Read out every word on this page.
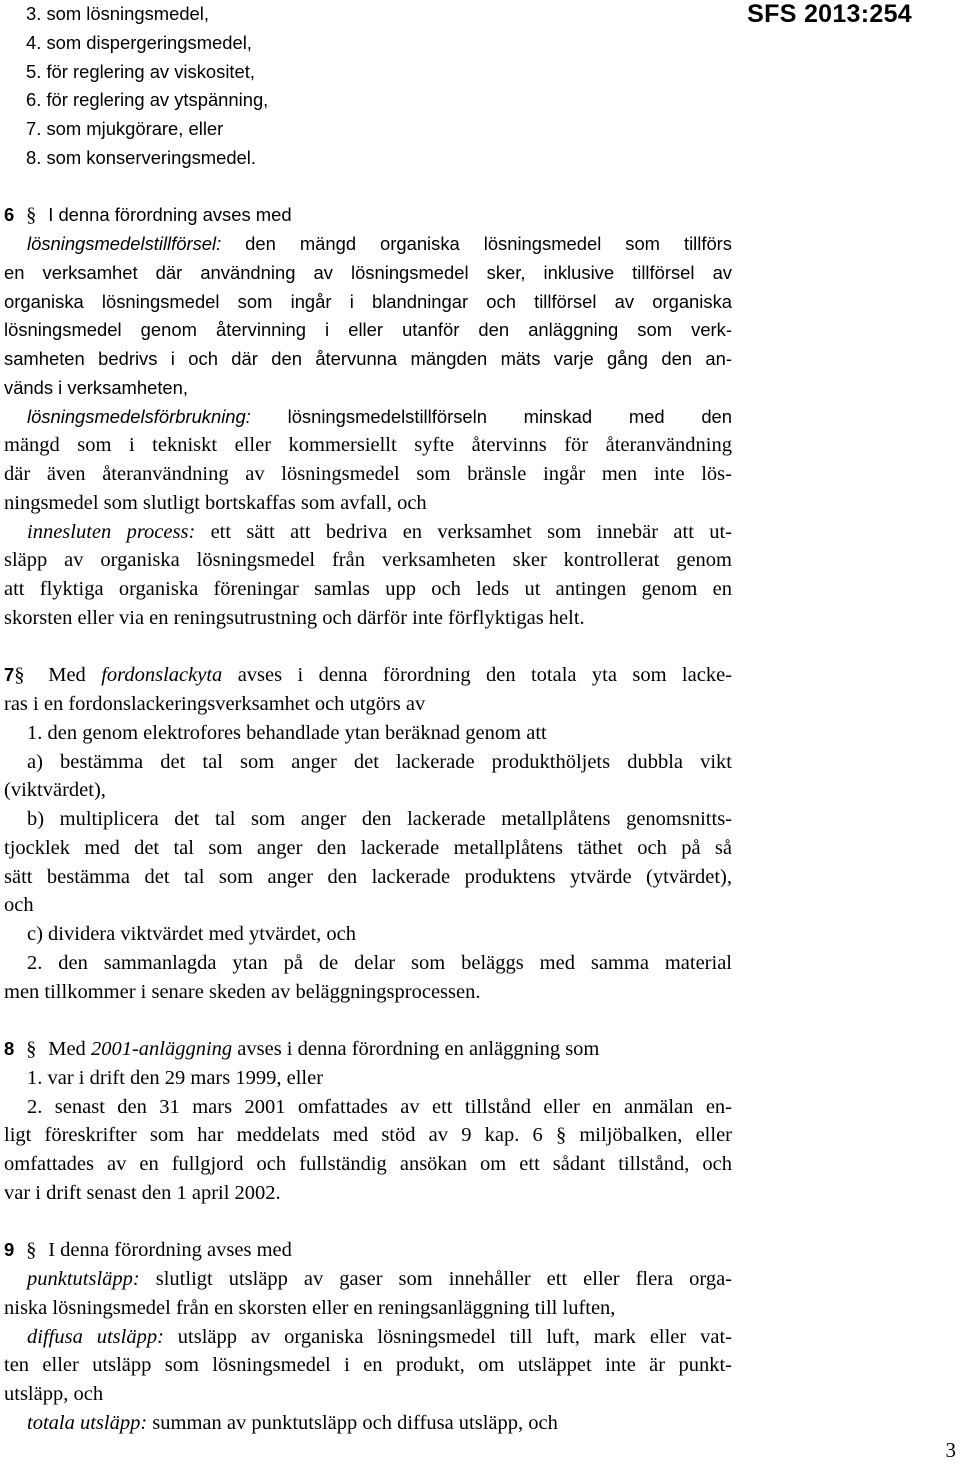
SFS 2013:254
3. som lösningsmedel,
4. som dispergeringsmedel,
5. för reglering av viskositet,
6. för reglering av ytspänning,
7. som mjukgörare, eller
8. som konserveringsmedel.
6 § I denna förordning avses med
lösningsmedelstillförsel: den mängd organiska lösningsmedel som tillförs
en verksamhet där användning av lösningsmedel sker, inklusive tillförsel av
organiska lösningsmedel som ingår i blandningar och tillförsel av organiska
lösningsmedel genom återvinning i eller utanför den anläggning som verk-
samheten bedrivs i och där den återvunna mängden mäts varje gång den an-
vänds i verksamheten,
lösningsmedelsförbrukning: lösningsmedelstillförseln minskad med den
mängd som i tekniskt eller kommersiellt syfte återvinns för återanvändning
där även återanvändning av lösningsmedel som bränsle ingår men inte lös-
ningsmedel som slutligt bortskaffas som avfall, och
innesluten process: ett sätt att bedriva en verksamhet som innebär att ut-
släpp av organiska lösningsmedel från verksamheten sker kontrollerat genom
att flyktiga organiska föreningar samlas upp och leds ut antingen genom en
skorsten eller via en reningsutrustning och därför inte förflyktigas helt.
7§ Med fordonslackyta avses i denna förordning den totala yta som lacke-
ras i en fordonslackeringsverksamhet och utgörs av
1. den genom elektrofores behandlade ytan beräknad genom att
a) bestämma det tal som anger det lackerade produkthöljets dubbla vikt
(viktvärdet),
b) multiplicera det tal som anger den lackerade metallplåtens genomsnitts-
tjocklek med det tal som anger den lackerade metallplåtens täthet och på så
sätt bestämma det tal som anger den lackerade produktens ytvärde (ytvärdet),
och
c) dividera viktvärdet med ytvärdet, och
2. den sammanlagda ytan på de delar som beläggs med samma material
men tillkommer i senare skeden av beläggningsprocessen.
8 § Med 2001-anläggning avses i denna förordning en anläggning som
1. var i drift den 29 mars 1999, eller
2. senast den 31 mars 2001 omfattades av ett tillstånd eller en anmälan en-
ligt föreskrifter som har meddelats med stöd av 9 kap. 6 § miljöbalken, eller
omfattades av en fullgjord och fullständig ansökan om ett sådant tillstånd, och
var i drift senast den 1 april 2002.
9 § I denna förordning avses med
punktutsläpp: slutligt utsläpp av gaser som innehåller ett eller flera orga-
niska lösningsmedel från en skorsten eller en reningsanläggning till luften,
diffusa utsläpp: utsläpp av organiska lösningsmedel till luft, mark eller vat-
ten eller utsläpp som lösningsmedel i en produkt, om utsläppet inte är punkt-
utsläpp, och
totala utsläpp: summan av punktutsläpp och diffusa utsläpp, och
3
